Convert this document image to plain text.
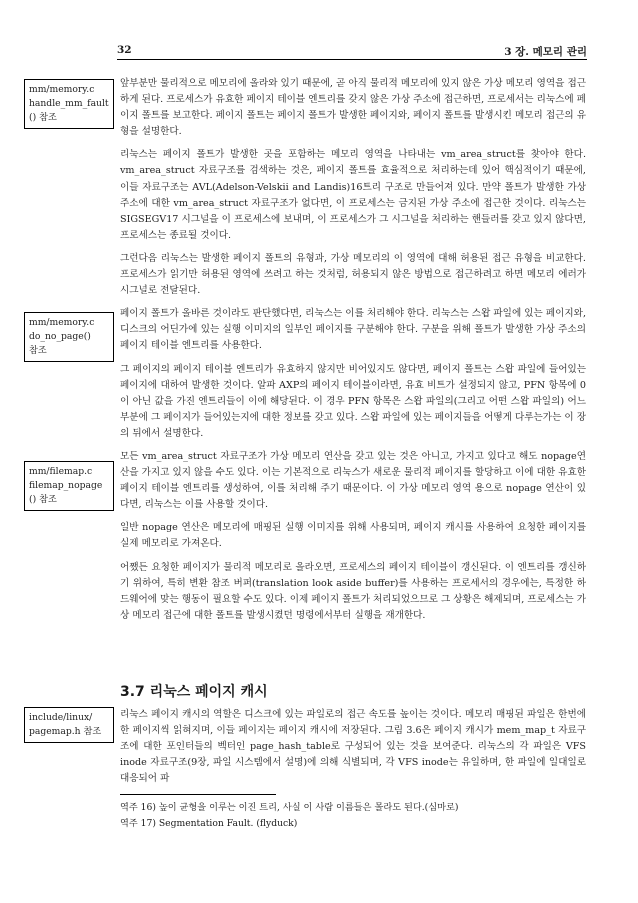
32	3 장. 메모리 관리
mm/memory.c
handle_mm_fault
() 참조
mm/memory.c
do_no_page()
참조
mm/filemap.c
filemap_nopage
() 참조
include/linux/
pagemap.h 참조

앞부분만 물리적으로 메모리에 올라와 있기 때문에, 곧 아직 물리적 메모리에 있지 않은 가상 메모리 영역을 접근하게 된다. 프로세스가 유효한 페이지 테이블 엔트리를 갖지 않은 가상 주소에 접근하면, 프로세서는 리눅스에 페이지 폴트를 보고한다. 페이지 폴트는 페이지 폴트가 발생한 페이지와, 페이지 폴트를 발생시킨 메모리 접근의 유형을 설명한다.

리눅스는 페이지 폴트가 발생한 곳을 포함하는 메모리 영역을 나타내는 vm_area_struct를 찾아야 한다. vm_area_struct 자료구조를 검색하는 것은, 페이지 폴트를 효율적으로 처리하는데 있어 핵심적이기 때문에, 이들 자료구조는 AVL(Adelson-Velskii and Landis)16트리 구조로 만들어져 있다. 만약 폴트가 발생한 가상 주소에 대한 vm_area_struct 자료구조가 없다면, 이 프로세스는 금지된 가상 주소에 접근한 것이다. 리눅스는 SIGSEGV17 시그널을 이 프로세스에 보내며, 이 프로세스가 그 시그널을 처리하는 핸들러를 갖고 있지 않다면, 프로세스는 종료될 것이다.

그런다음 리눅스는 발생한 페이지 폴트의 유형과, 가상 메모리의 이 영역에 대해 허용된 접근 유형을 비교한다. 프로세스가 읽기만 허용된 영역에 쓰려고 하는 것처럼, 허용되지 않은 방법으로 접근하려고 하면 메모리 에러가 시그널로 전달된다.

페이지 폴트가 올바른 것이라도 판단했다면, 리눅스는 이를 처리해야 한다. 리눅스는 스왑 파일에 있는 페이지와, 디스크의 어딘가에 있는 실행 이미지의 일부인 페이지를 구분해야 한다. 구분을 위해 폴트가 발생한 가상 주소의 페이지 테이블 엔트리를 사용한다.

그 페이지의 페이지 테이블 엔트리가 유효하지 않지만 비어있지도 않다면, 페이지 폴트는 스왑 파일에 들어있는 페이지에 대하여 발생한 것이다. 알파 AXP의 페이지 테이블이라면, 유효 비트가 설정되지 않고, PFN 항목에 0이 아닌 값을 가진 엔트리들이 이에 해당된다. 이 경우 PFN 항목은 스왑 파일의(그리고 어떤 스왑 파일의) 어느 부분에 그 페이지가 들어있는지에 대한 정보를 갖고 있다. 스왑 파일에 있는 페이지들을 어떻게 다루는가는 이 장의 뒤에서 설명한다.

모든 vm_area_struct 자료구조가 가상 메모리 연산을 갖고 있는 것은 아니고, 가지고 있다고 해도 nopage연산을 가지고 있지 않을 수도 있다. 이는 기본적으로 리눅스가 새로운 물리적 페이지를 할당하고 이에 대한 유효한 페이지 테이블 엔트리를 생성하여, 이를 처리해 주기 때문이다. 이 가상 메모리 영역 용으로 nopage 연산이 있다면, 리눅스는 이를 사용할 것이다.

일반 nopage 연산은 메모리에 매핑된 실행 이미지를 위해 사용되며, 페이지 캐시를 사용하여 요청한 페이지를 실제 메모리로 가져온다.

어쨌든 요청한 페이지가 물리적 메모리로 올라오면, 프로세스의 페이지 테이블이 갱신된다. 이 엔트리를 갱신하기 위하여, 특히 변환 참조 버퍼(translation look aside buffer)를 사용하는 프로세서의 경우에는, 특정한 하드웨어에 맞는 행동이 필요할 수도 있다. 이제 페이지 폴트가 처리되었으므로 그 상황은 해제되며, 프로세스는 가상 메모리 접근에 대한 폴트를 발생시켰던 명령에서부터 실행을 재개한다.

3.7 리눅스 페이지 캐시

리눅스 페이지 캐시의 역할은 디스크에 있는 파일로의 접근 속도를 높이는 것이다. 메모리 매핑된 파일은 한번에 한 페이지씩 읽혀지며, 이들 페이지는 페이지 캐시에 저장된다. 그림 3.6은 페이지 캐시가 mem_map_t 자료구조에 대한 포인터들의 벡터인 page_hash_table로 구성되어 있는 것을 보여준다. 리눅스의 각 파일은 VFS inode 자료구조(9장, 파일 시스템에서 설명)에 의해 식별되며, 각 VFS inode는 유일하며, 한 파일에 일대일로 대응되어 파

역주 16) 높이 균형을 이루는 이진 트리, 사실 이 사람 이름들은 몰라도 된다.(심마로)
역주 17) Segmentation Fault. (flyduck)
